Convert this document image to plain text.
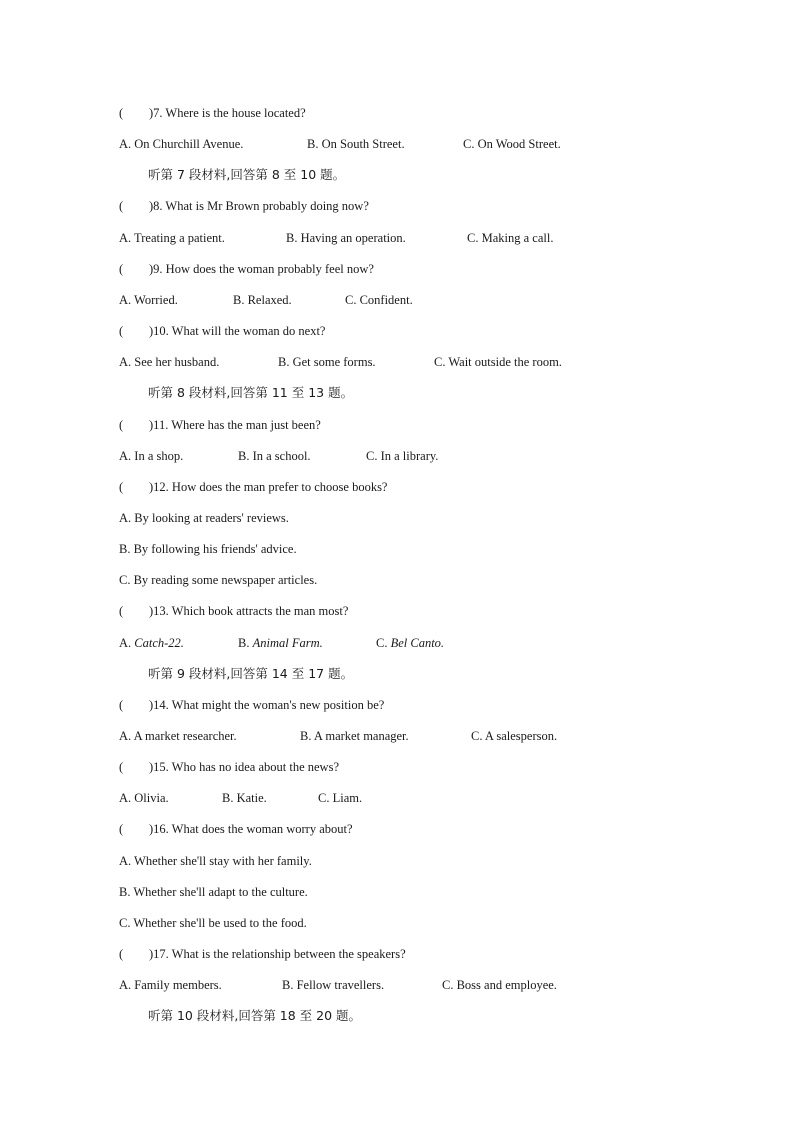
( )7. Where is the house located?
A. On Churchill Avenue.	B. On South Street.	C. On Wood Street.
听第 7 段材料,回答第 8 至 10 题。
( )8. What is Mr Brown probably doing now?
A. Treating a patient.	B. Having an operation.	C. Making a call.
( )9. How does the woman probably feel now?
A. Worried.	B. Relaxed.	C. Confident.
( )10. What will the woman do next?
A. See her husband.	B. Get some forms.	C. Wait outside the room.
听第 8 段材料,回答第 11 至 13 题。
( )11. Where has the man just been?
A. In a shop.	B. In a school.	C. In a library.
( )12. How does the man prefer to choose books?
A. By looking at readers' reviews.
B. By following his friends' advice.
C. By reading some newspaper articles.
( )13. Which book attracts the man most?
A. Catch-22.	B. Animal Farm.	C. Bel Canto.
听第 9 段材料,回答第 14 至 17 题。
( )14. What might the woman's new position be?
A. A market researcher.	B. A market manager.	C. A salesperson.
( )15. Who has no idea about the news?
A. Olivia.	B. Katie.	C. Liam.
( )16. What does the woman worry about?
A. Whether she'll stay with her family.
B. Whether she'll adapt to the culture.
C. Whether she'll be used to the food.
( )17. What is the relationship between the speakers?
A. Family members.	B. Fellow travellers.	C. Boss and employee.
听第 10 段材料,回答第 18 至 20 题。
